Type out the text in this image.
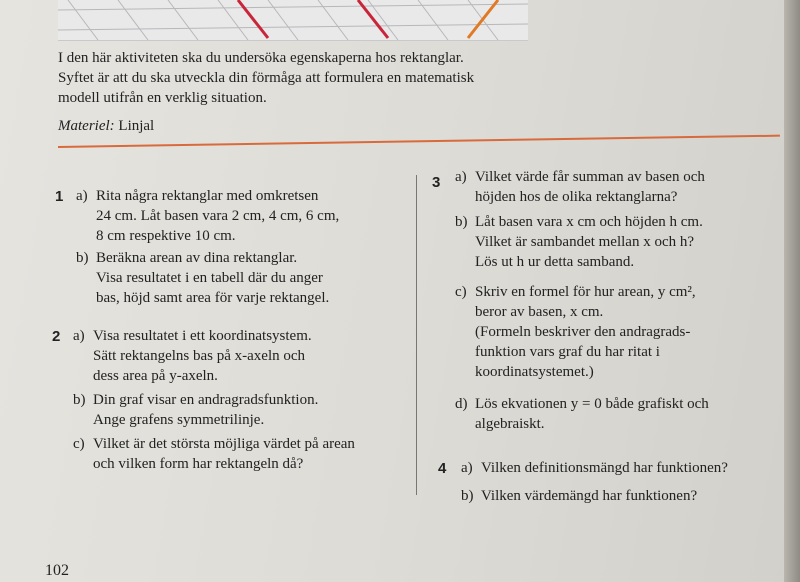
I den här aktiviteten ska du undersöka egenskaperna hos rektanglar.
Syftet är att du ska utveckla din förmåga att formulera en matematisk
modell utifrån en verklig situation.
Materiel: Linjal
1 a) Rita några rektanglar med omkretsen
24 cm. Låt basen vara 2 cm, 4 cm, 6 cm,
8 cm respektive 10 cm.
b) Beräkna arean av dina rektanglar.
Visa resultatet i en tabell där du anger
bas, höjd samt area för varje rektangel.
2 a) Visa resultatet i ett koordinatsystem.
Sätt rektangelns bas på x-axeln och
dess area på y-axeln.
b) Din graf visar en andragradsfunktion.
Ange grafens symmetrilinje.
c) Vilket är det största möjliga värdet på arean
och vilken form har rektangeln då?
3 a) Vilket värde får summan av basen och
höjden hos de olika rektanglarna?
b) Låt basen vara x cm och höjden h cm.
Vilket är sambandet mellan x och h?
Lös ut h ur detta samband.
c) Skriv en formel för hur arean, y cm²,
beror av basen, x cm.
(Formeln beskriver den andragrads-
funktion vars graf du har ritat i
koordinatsystemet.)
d) Lös ekvationen y = 0 både grafiskt och
algebraiskt.
4 a) Vilken definitionsmängd har funktionen?
b) Vilken värdemängd har funktionen?
102
